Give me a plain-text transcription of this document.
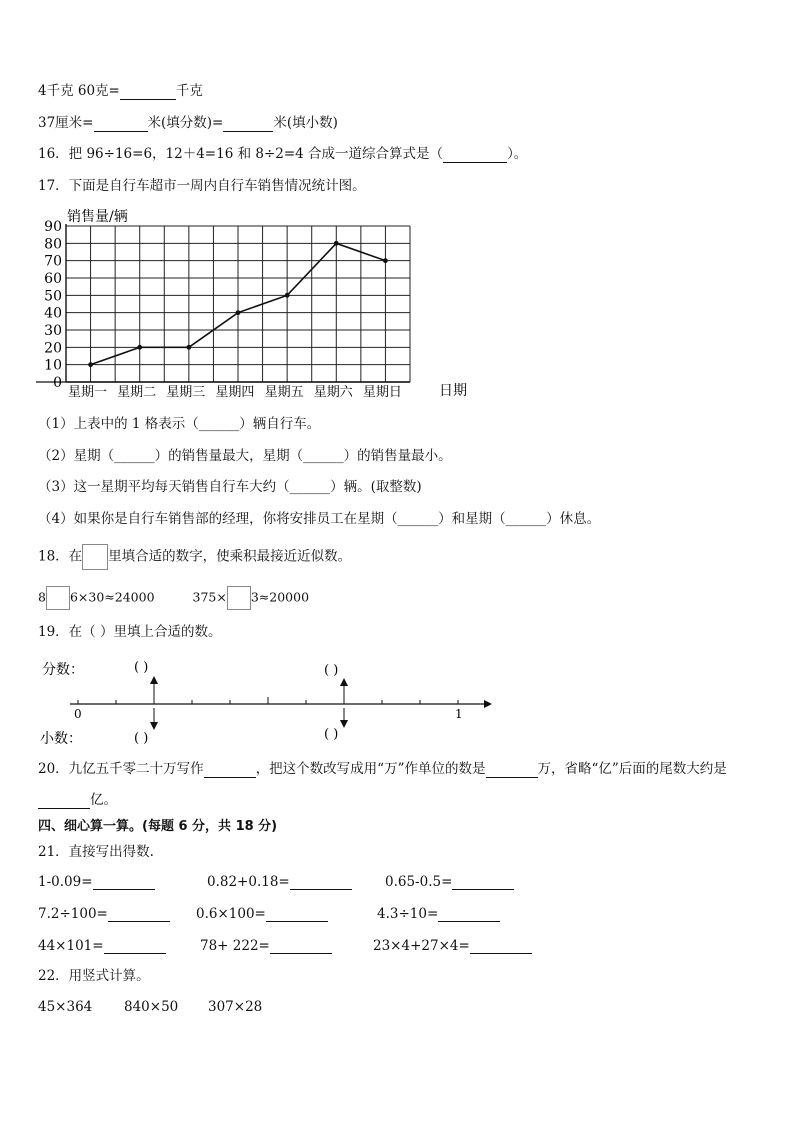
4千克 60克=	千克
37厘米=	米(填分数)=	米(填小数)
16．把 96÷16=6，12＋4=16 和 8÷2=4 合成一道综合算式是（	）。
17．下面是自行车超市一周内自行车销售情况统计图。
0
10
20
30
40
50
60
70
80
90
星期一 星期二 星期三 星期四 星期五 星期六 星期日
销售量/辆
日期
（1）上表中的 1 格表示（______）辆自行车。
（2）星期（______）的销售量最大，星期（______）的销售量最小。
（3）这一星期平均每天销售自行车大约（______）辆。(取整数)
（4）如果你是自行车销售部的经理，你将安排员工在星期（______）和星期（______）休息。
18．在 里填合适的数字，使乘积最接近近似数。
8 6×30≈24000	375× 3≈20000
19．在（ ）里填上合适的数。
分数：
小数：
0	1
( )	( )
( )	( )
20．九亿五千零二十万写作	，把这个数改写成用“万”作单位的数是	万，省略“亿”后面的尾数大约是
亿。
四、细心算一算。(每题 6 分，共 18 分)
21．直接写出得数.
1-0.09=	0.82+0.18=	0.65-0.5=
7.2÷100=	0.6×100=	4.3÷10=
44×101=	78+ 222=	23×4+27×4=
22．用竖式计算。
45×364 840×50 307×28
